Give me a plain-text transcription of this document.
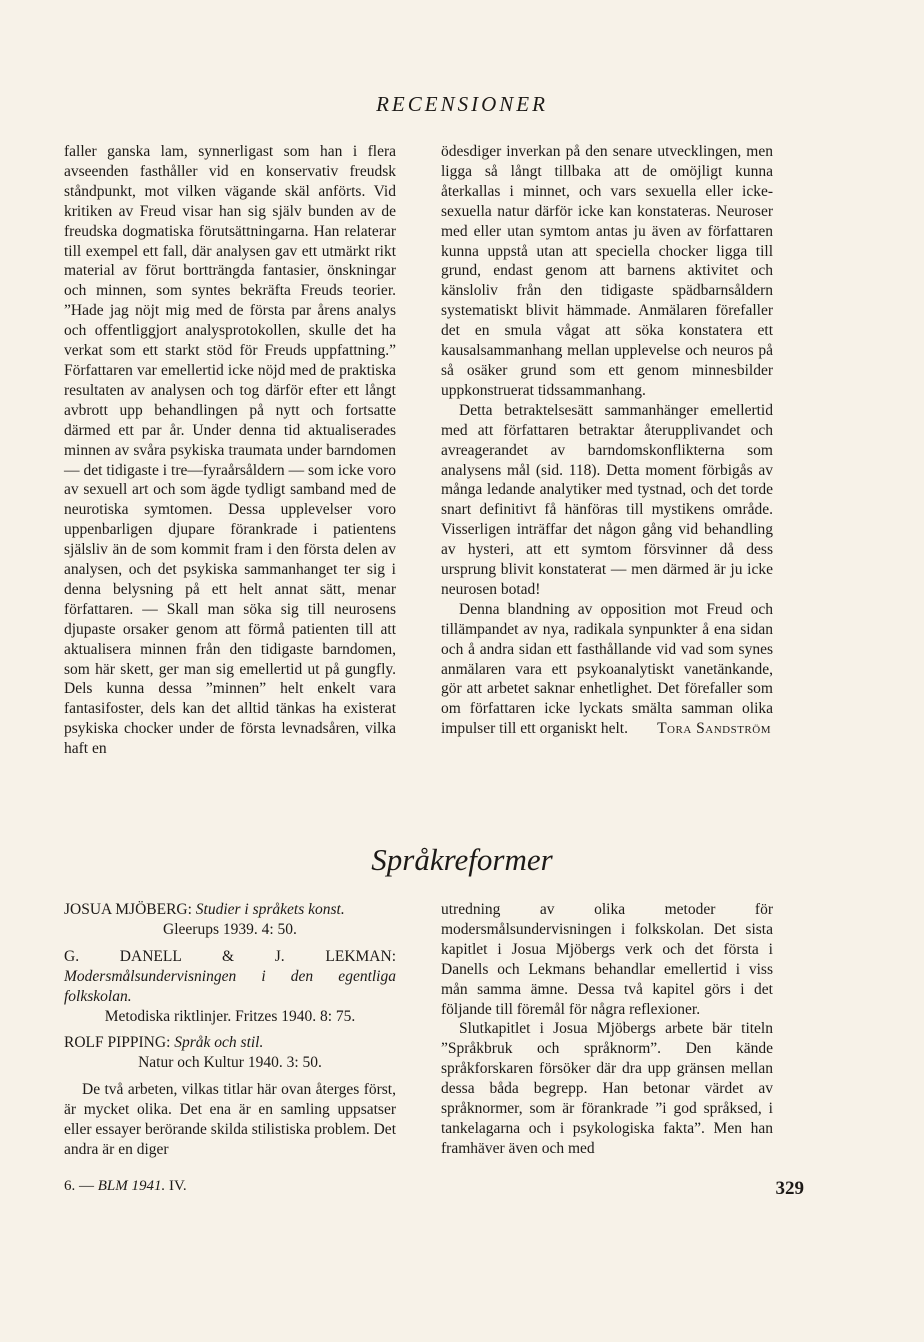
RECENSIONER

faller ganska lam, synnerligast som han i flera avseenden fasthåller vid en konservativ freudsk ståndpunkt, mot vilken vägande skäl anförts. Vid kritiken av Freud visar han sig själv bunden av de freudska dogmatiska förutsättningarna. Han relaterar till exempel ett fall, där analysen gav ett utmärkt rikt material av förut bortträngda fantasier, önskningar och minnen, som syntes bekräfta Freuds teorier. ”Hade jag nöjt mig med de första par årens analys och offentliggjort analysprotokollen, skulle det ha verkat som ett starkt stöd för Freuds uppfattning.” Författaren var emellertid icke nöjd med de praktiska resultaten av analysen och tog därför efter ett långt avbrott upp behandlingen på nytt och fortsatte därmed ett par år. Under denna tid aktualiserades minnen av svåra psykiska traumata under barndomen — det tidigaste i tre—fyraårsåldern — som icke voro av sexuell art och som ägde tydligt samband med de neurotiska symtomen. Dessa upplevelser voro uppenbarligen djupare förankrade i patientens själsliv än de som kommit fram i den första delen av analysen, och det psykiska sammanhanget ter sig i denna belysning på ett helt annat sätt, menar författaren. — Skall man söka sig till neurosens djupaste orsaker genom att förmå patienten till att aktualisera minnen från den tidigaste barndomen, som här skett, ger man sig emellertid ut på gungfly. Dels kunna dessa ”minnen” helt enkelt vara fantasifoster, dels kan det alltid tänkas ha existerat psykiska chocker under de första levnadsåren, vilka haft en

ödesdiger inverkan på den senare utvecklingen, men ligga så långt tillbaka att de omöjligt kunna återkallas i minnet, och vars sexuella eller icke-sexuella natur därför icke kan konstateras. Neuroser med eller utan symtom antas ju även av författaren kunna uppstå utan att speciella chocker ligga till grund, endast genom att barnens aktivitet och känsloliv från den tidigaste spädbarnsåldern systematiskt blivit hämmade. Anmälaren förefaller det en smula vågat att söka konstatera ett kausalsammanhang mellan upplevelse och neuros på så osäker grund som ett genom minnesbilder uppkonstruerat tidssammanhang.

Detta betraktelsesätt sammanhänger emellertid med att författaren betraktar återupplivandet och avreagerandet av barndomskonflikterna som analysens mål (sid. 118). Detta moment förbigås av många ledande analytiker med tystnad, och det torde snart definitivt få hänföras till mystikens område. Visserligen inträffar det någon gång vid behandling av hysteri, att ett symtom försvinner då dess ursprung blivit konstaterat — men därmed är ju icke neurosen botad!

Denna blandning av opposition mot Freud och tillämpandet av nya, radikala synpunkter å ena sidan och å andra sidan ett fasthållande vid vad som synes anmälaren vara ett psykoanalytiskt vanetänkande, gör att arbetet saknar enhetlighet. Det förefaller som om författaren icke lyckats smälta samman olika impulser till ett organiskt helt.	Tora Sandström

Språkreformer
JOSUA MJÖBERG: Studier i språkets konst.
Gleerups 1939. 4: 50.
G. DANELL & J. LEKMAN: Modersmålsundervisningen i den egentliga folkskolan.
Metodiska riktlinjer. Fritzes 1940. 8: 75.
ROLF PIPPING: Språk och stil.
Natur och Kultur 1940. 3: 50.

De två arbeten, vilkas titlar här ovan återges först, är mycket olika. Det ena är en samling uppsatser eller essayer berörande skilda stilistiska problem. Det andra är en diger

utredning av olika metoder för modersmålsundervisningen i folkskolan. Det sista kapitlet i Josua Mjöbergs verk och det första i Danells och Lekmans behandlar emellertid i viss mån samma ämne. Dessa två kapitel görs i det följande till föremål för några reflexioner.

Slutkapitlet i Josua Mjöbergs arbete bär titeln ”Språkbruk och språknorm”. Den kände språkforskaren försöker där dra upp gränsen mellan dessa båda begrepp. Han betonar värdet av språknormer, som är förankrade ”i god språksed, i tankelagarna och i psykologiska fakta”. Men han framhäver även och med

6. — BLM 1941. IV.	329
